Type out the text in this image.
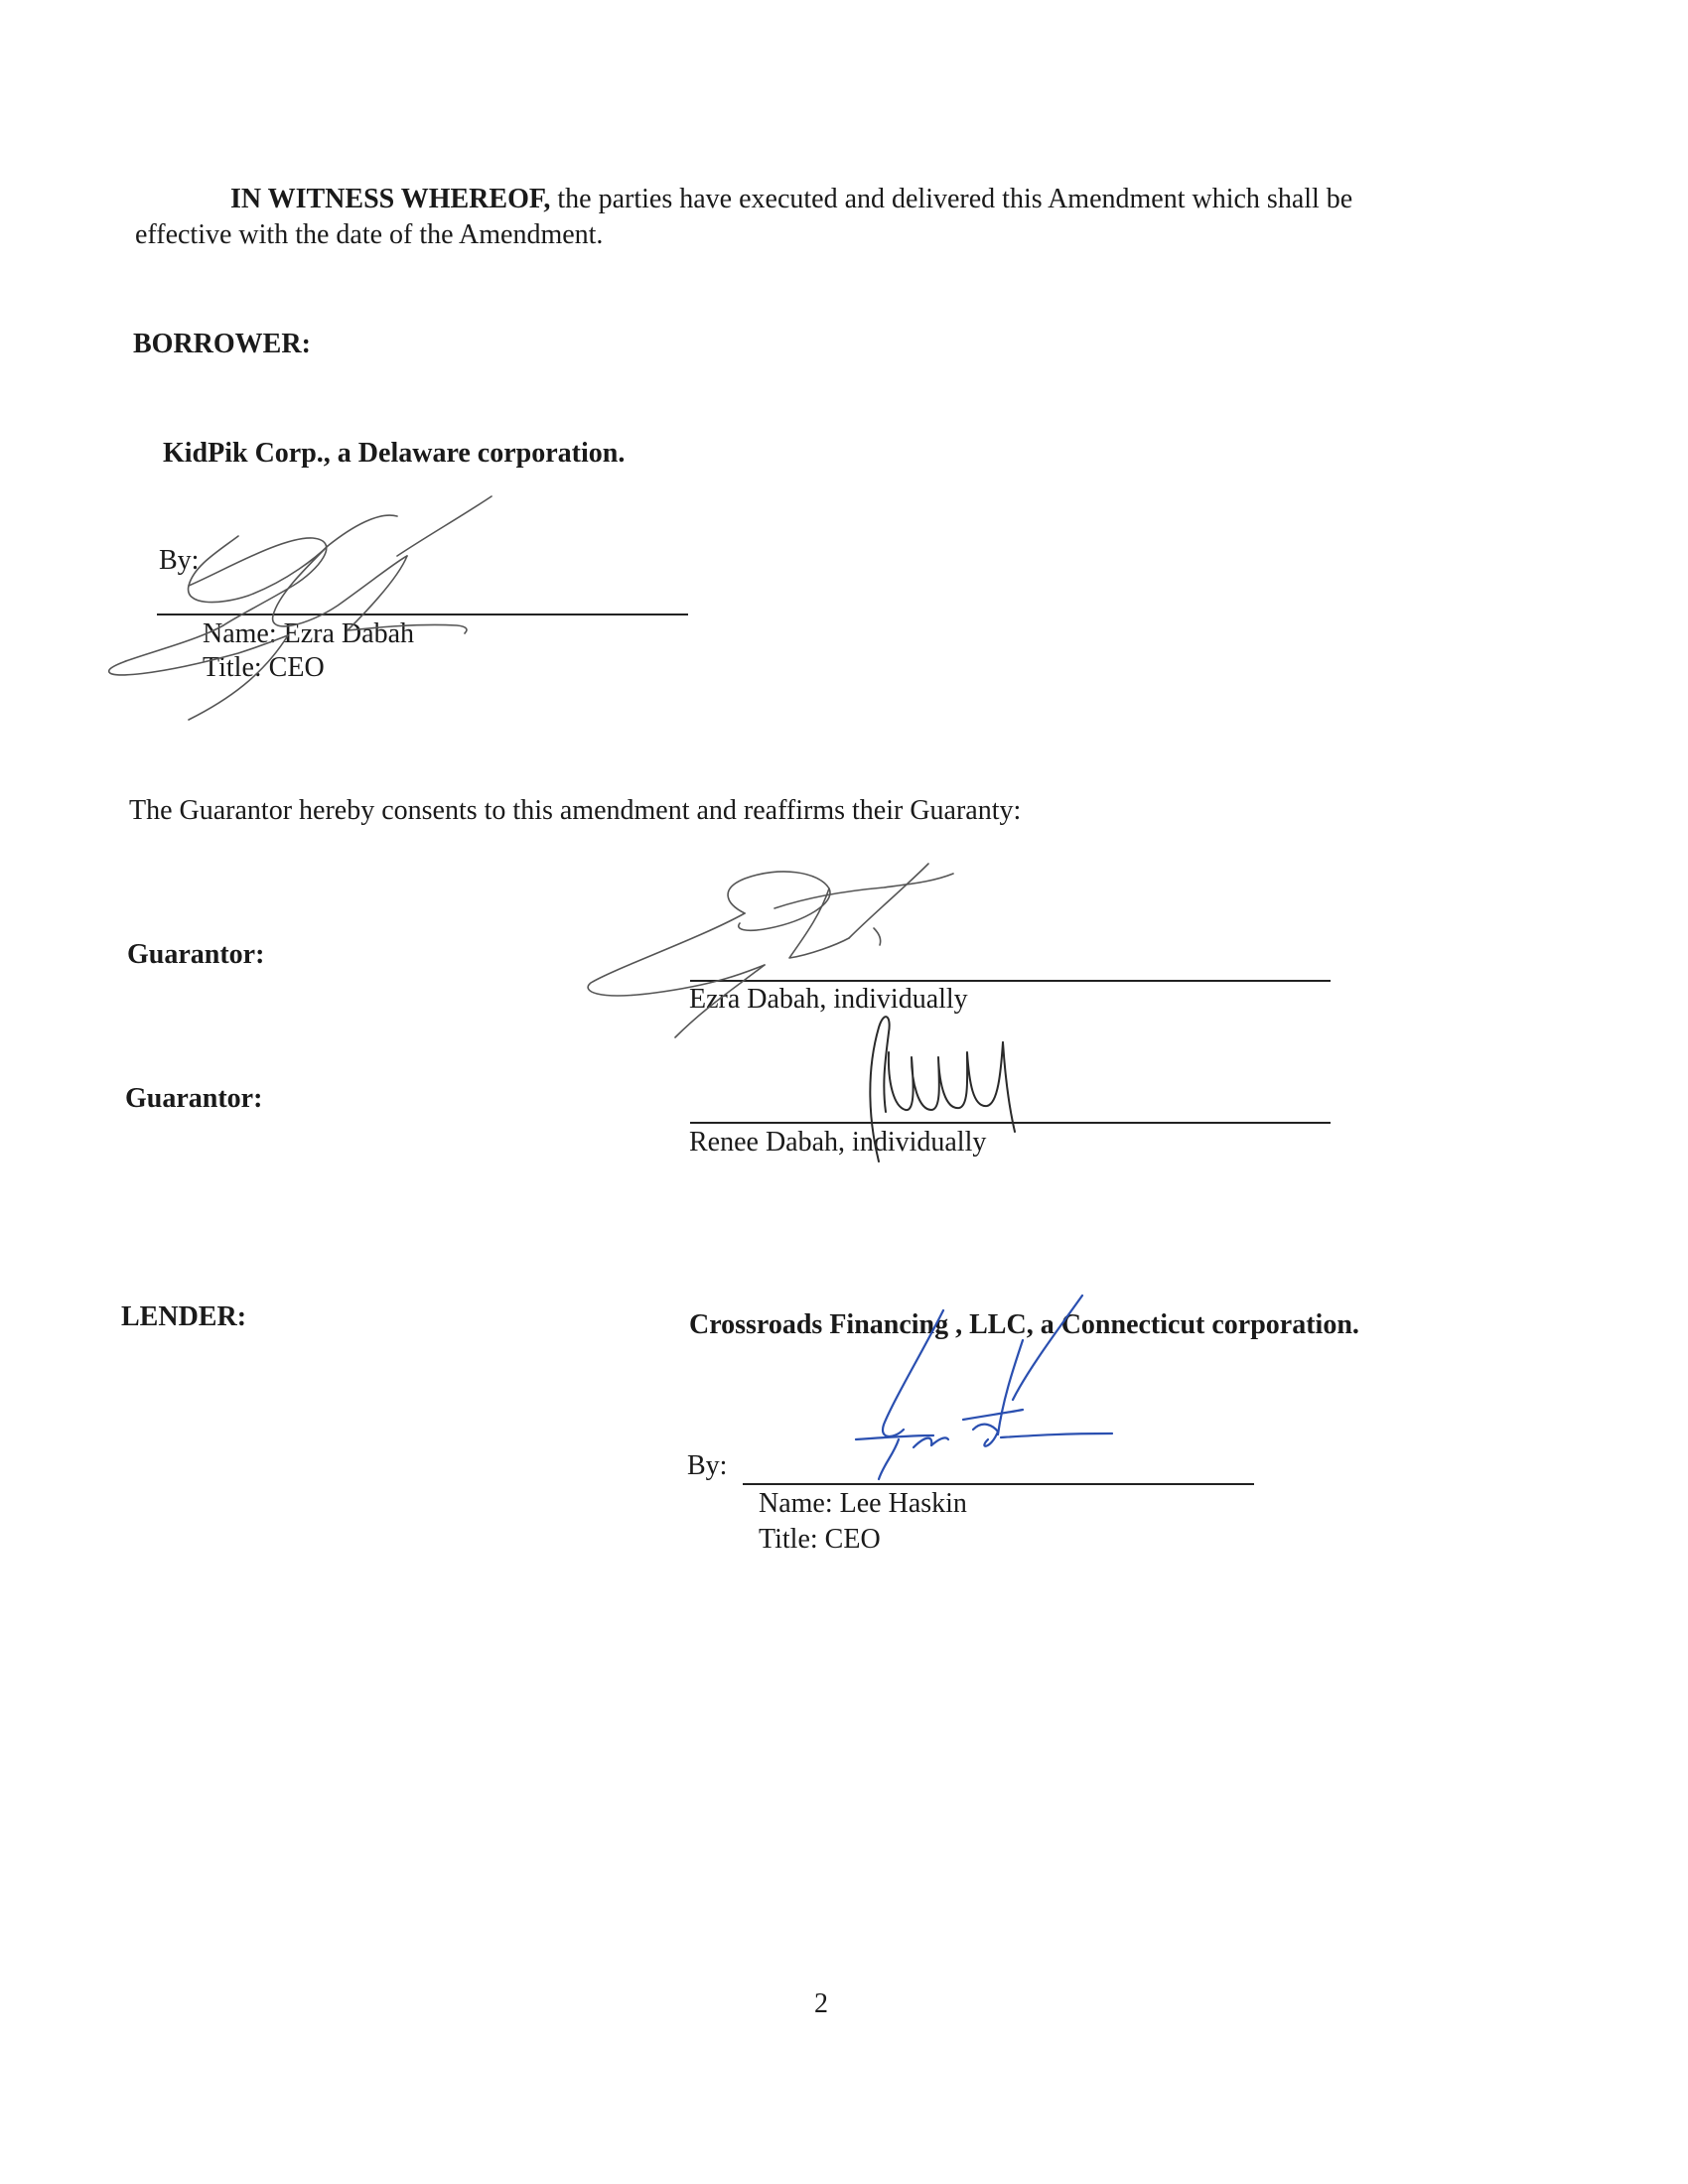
IN WITNESS WHEREOF, the parties have executed and delivered this Amendment which shall be
effective with the date of the Amendment.
BORROWER:
KidPik Corp., a Delaware corporation.
By:
Name: Ezra Dabah
Title: CEO
The Guarantor hereby consents to this amendment and reaffirms their Guaranty:
Guarantor:
Ezra Dabah, individually
Guarantor:
Renee Dabah, individually
LENDER:	Crossroads Financing , LLC, a Connecticut corporation.
By:
Name: Lee Haskin
Title: CEO
2
